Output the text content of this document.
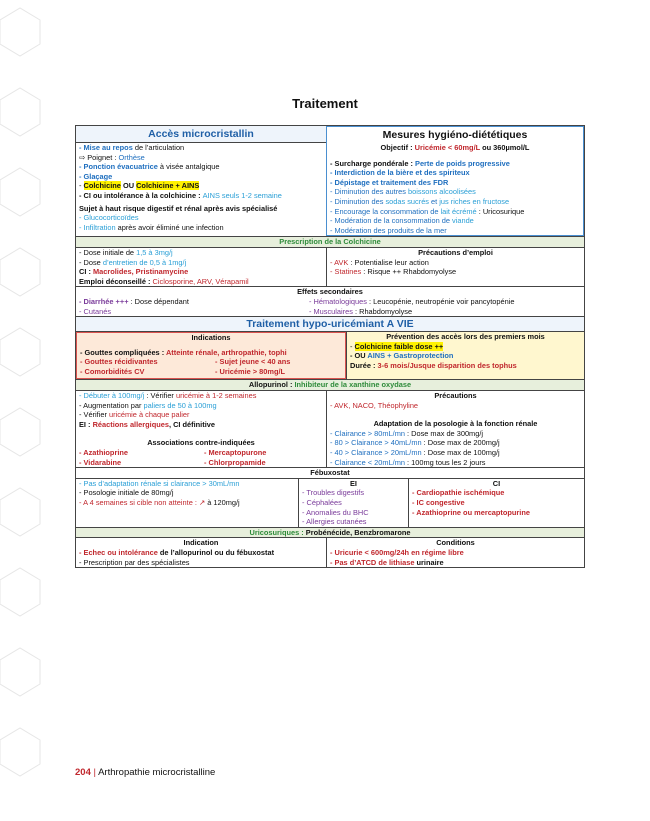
Traitement
Accès microcristallin
- Mise au repos de l’articulation
⇨ Poignet : Orthèse
- Ponction évacuatrice à visée antalgique
- Glaçage
- Colchicine OU Colchicine + AINS
- CI ou intolérance à la colchicine : AINS seuls 1-2 semaine
Sujet à haut risque digestif et rénal après avis spécialisé
- Glucocorticoïdes
- Infiltration après avoir éliminé une infection
Mesures hygiéno-diététiques
Objectif : Uricémie < 60mg/L ou 360µmol/L
- Surcharge pondérale : Perte de poids progressive
- Interdiction de la bière et des spiriteux
- Dépistage et traitement des FDR
- Diminution des autres boissons alcoolisées
- Diminution des sodas sucrés et jus riches en fructose
- Encourage la consommation de lait écrémé : Uricosurique
- Modération de la consommation de viande
- Modération des produits de la mer
Prescription de la Colchicine
- Dose initiale de 1,5 à 3mg/j
- Dose d’entretien de 0,5 à 1mg/j
CI : Macrolides, Pristinamycine
Emploi déconseillé : Ciclosporine, ARV, Vérapamil
Précautions d’emploi
- AVK : Potentialise leur action
- Statines : Risque ++ Rhabdomyolyse
Effets secondaires
- Diarrhée +++ : Dose dépendant
- Cutanés
- Hématologiques : Leucopénie, neutropénie voir pancytopénie
- Musculaires : Rhabdomyolyse
Traitement hypo-uricémiant A VIE
Indications
- Gouttes compliquées : Atteinte rénale, arthropathie, tophi
- Gouttes récidivantes	- Sujet jeune < 40 ans
- Comorbidités CV	- Uricémie > 80mg/L
Prévention des accès lors des premiers mois
- Colchicine faible dose ++
- OU AINS + Gastroprotection
Durée : 3-6 mois/Jusque disparition des tophus
Allopurinol : Inhibiteur de la xanthine oxydase
- Débuter à 100mg/j : Vérifier uricémie à 1-2 semaines
- Augmentation par paliers de 50 à 100mg
- Vérifier uricémie à chaque palier
EI : Réactions allergiques, CI définitive
Associations contre-indiquées
- Azathioprine	- Mercaptopurone
- Vidarabine	- Chlorpropamide
Précautions
- AVK, NACO, Théophyline
Adaptation de la posologie à la fonction rénale
- Clairance > 80mL/mn : Dose max de 300mg/j
- 80 > Clairance > 40mL/mn : Dose max de 200mg/j
- 40 > Clairance > 20mL/mn : Dose max de 100mg/j
- Clairance < 20mL/mn : 100mg tous les 2 jours
Fébuxostat
- Pas d’adaptation rénale si clairance > 30mL/mn
- Posologie initiale de 80mg/j
- A 4 semaines si cible non atteinte : ↗ à 120mg/j
EI
- Troubles digestifs
- Céphalées
- Anomalies du BHC
- Allergies cutanées
CI
- Cardiopathie ischémique
- IC congestive
- Azathioprine ou mercaptopurine
Uricosuriques : Probénécide, Benzbromarone
Indication
- Echec ou intolérance de l’allopurinol ou du fébuxostat
- Prescription par des spécialistes
Conditions
- Uricurie < 600mg/24h en régime libre
- Pas d’ATCD de lithiase urinaire
204 | Arthropathie microcristalline
